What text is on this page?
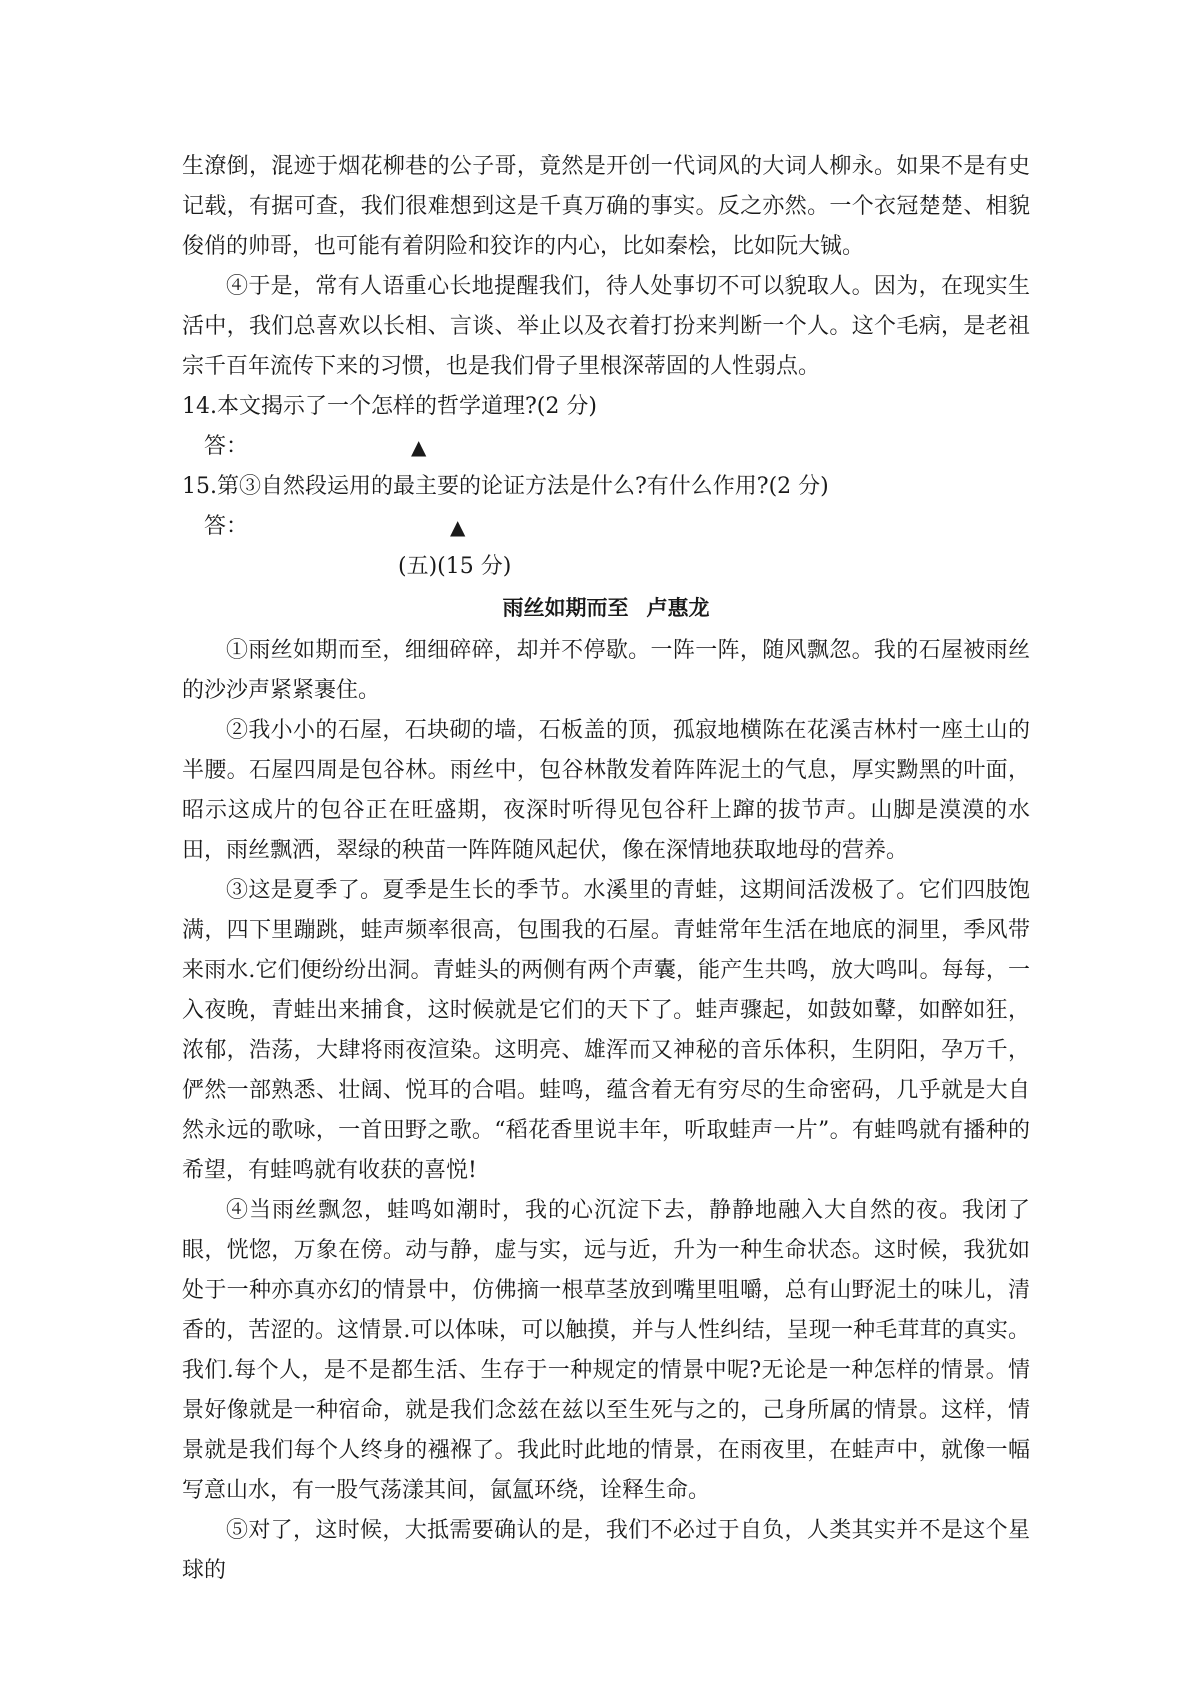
生潦倒，混迹于烟花柳巷的公子哥，竟然是开创一代词风的大词人柳永。如果不是有史记载，有据可查，我们很难想到这是千真万确的事实。反之亦然。一个衣冠楚楚、相貌俊俏的帅哥，也可能有着阴险和狡诈的内心，比如秦桧，比如阮大铖。

④于是，常有人语重心长地提醒我们，待人处事切不可以貌取人。因为，在现实生活中，我们总喜欢以长相、言谈、举止以及衣着打扮来判断一个人。这个毛病，是老祖宗千百年流传下来的习惯，也是我们骨子里根深蒂固的人性弱点。

14.本文揭示了一个怎样的哲学道理?(2 分)

答：	▲

15.第③自然段运用的最主要的论证方法是什么?有什么作用?(2 分)

答：	▲
(五)(15 分)
雨丝如期而至 卢惠龙

①雨丝如期而至，细细碎碎，却并不停歇。一阵一阵，随风飘忽。我的石屋被雨丝的沙沙声紧紧裹住。

②我小小的石屋，石块砌的墙，石板盖的顶，孤寂地横陈在花溪吉林村一座土山的半腰。石屋四周是包谷林。雨丝中，包谷林散发着阵阵泥土的气息，厚实黝黑的叶面，昭示这成片的包谷正在旺盛期，夜深时听得见包谷秆上蹿的拔节声。山脚是漠漠的水田，雨丝飘洒，翠绿的秧苗一阵阵随风起伏，像在深情地获取地母的营养。

③这是夏季了。夏季是生长的季节。水溪里的青蛙，这期间活泼极了。它们四肢饱满，四下里蹦跳，蛙声频率很高，包围我的石屋。青蛙常年生活在地底的洞里，季风带来雨水.它们便纷纷出洞。青蛙头的两侧有两个声囊，能产生共鸣，放大鸣叫。每每，一入夜晚，青蛙出来捕食，这时候就是它们的天下了。蛙声骤起，如鼓如鼙，如醉如狂，浓郁，浩荡，大肆将雨夜渲染。这明亮、雄浑而又神秘的音乐体积，生阴阳，孕万千，俨然一部熟悉、壮阔、悦耳的合唱。蛙鸣，蕴含着无有穷尽的生命密码，几乎就是大自然永远的歌咏，一首田野之歌。“稻花香里说丰年，听取蛙声一片”。有蛙鸣就有播种的希望，有蛙鸣就有收获的喜悦!

④当雨丝飘忽，蛙鸣如潮时，我的心沉淀下去，静静地融入大自然的夜。我闭了眼，恍惚，万象在傍。动与静，虚与实，远与近，升为一种生命状态。这时候，我犹如处于一种亦真亦幻的情景中，仿佛摘一根草茎放到嘴里咀嚼，总有山野泥土的味儿，清香的，苦涩的。这情景.可以体味，可以触摸，并与人性纠结，呈现一种毛茸茸的真实。我们.每个人，是不是都生活、生存于一种规定的情景中呢?无论是一种怎样的情景。情景好像就是一种宿命，就是我们念兹在兹以至生死与之的，己身所属的情景。这样，情景就是我们每个人终身的襁褓了。我此时此地的情景，在雨夜里，在蛙声中，就像一幅写意山水，有一股气荡漾其间，氤氲环绕，诠释生命。

⑤对了，这时候，大抵需要确认的是，我们不必过于自负，人类其实并不是这个星球的
